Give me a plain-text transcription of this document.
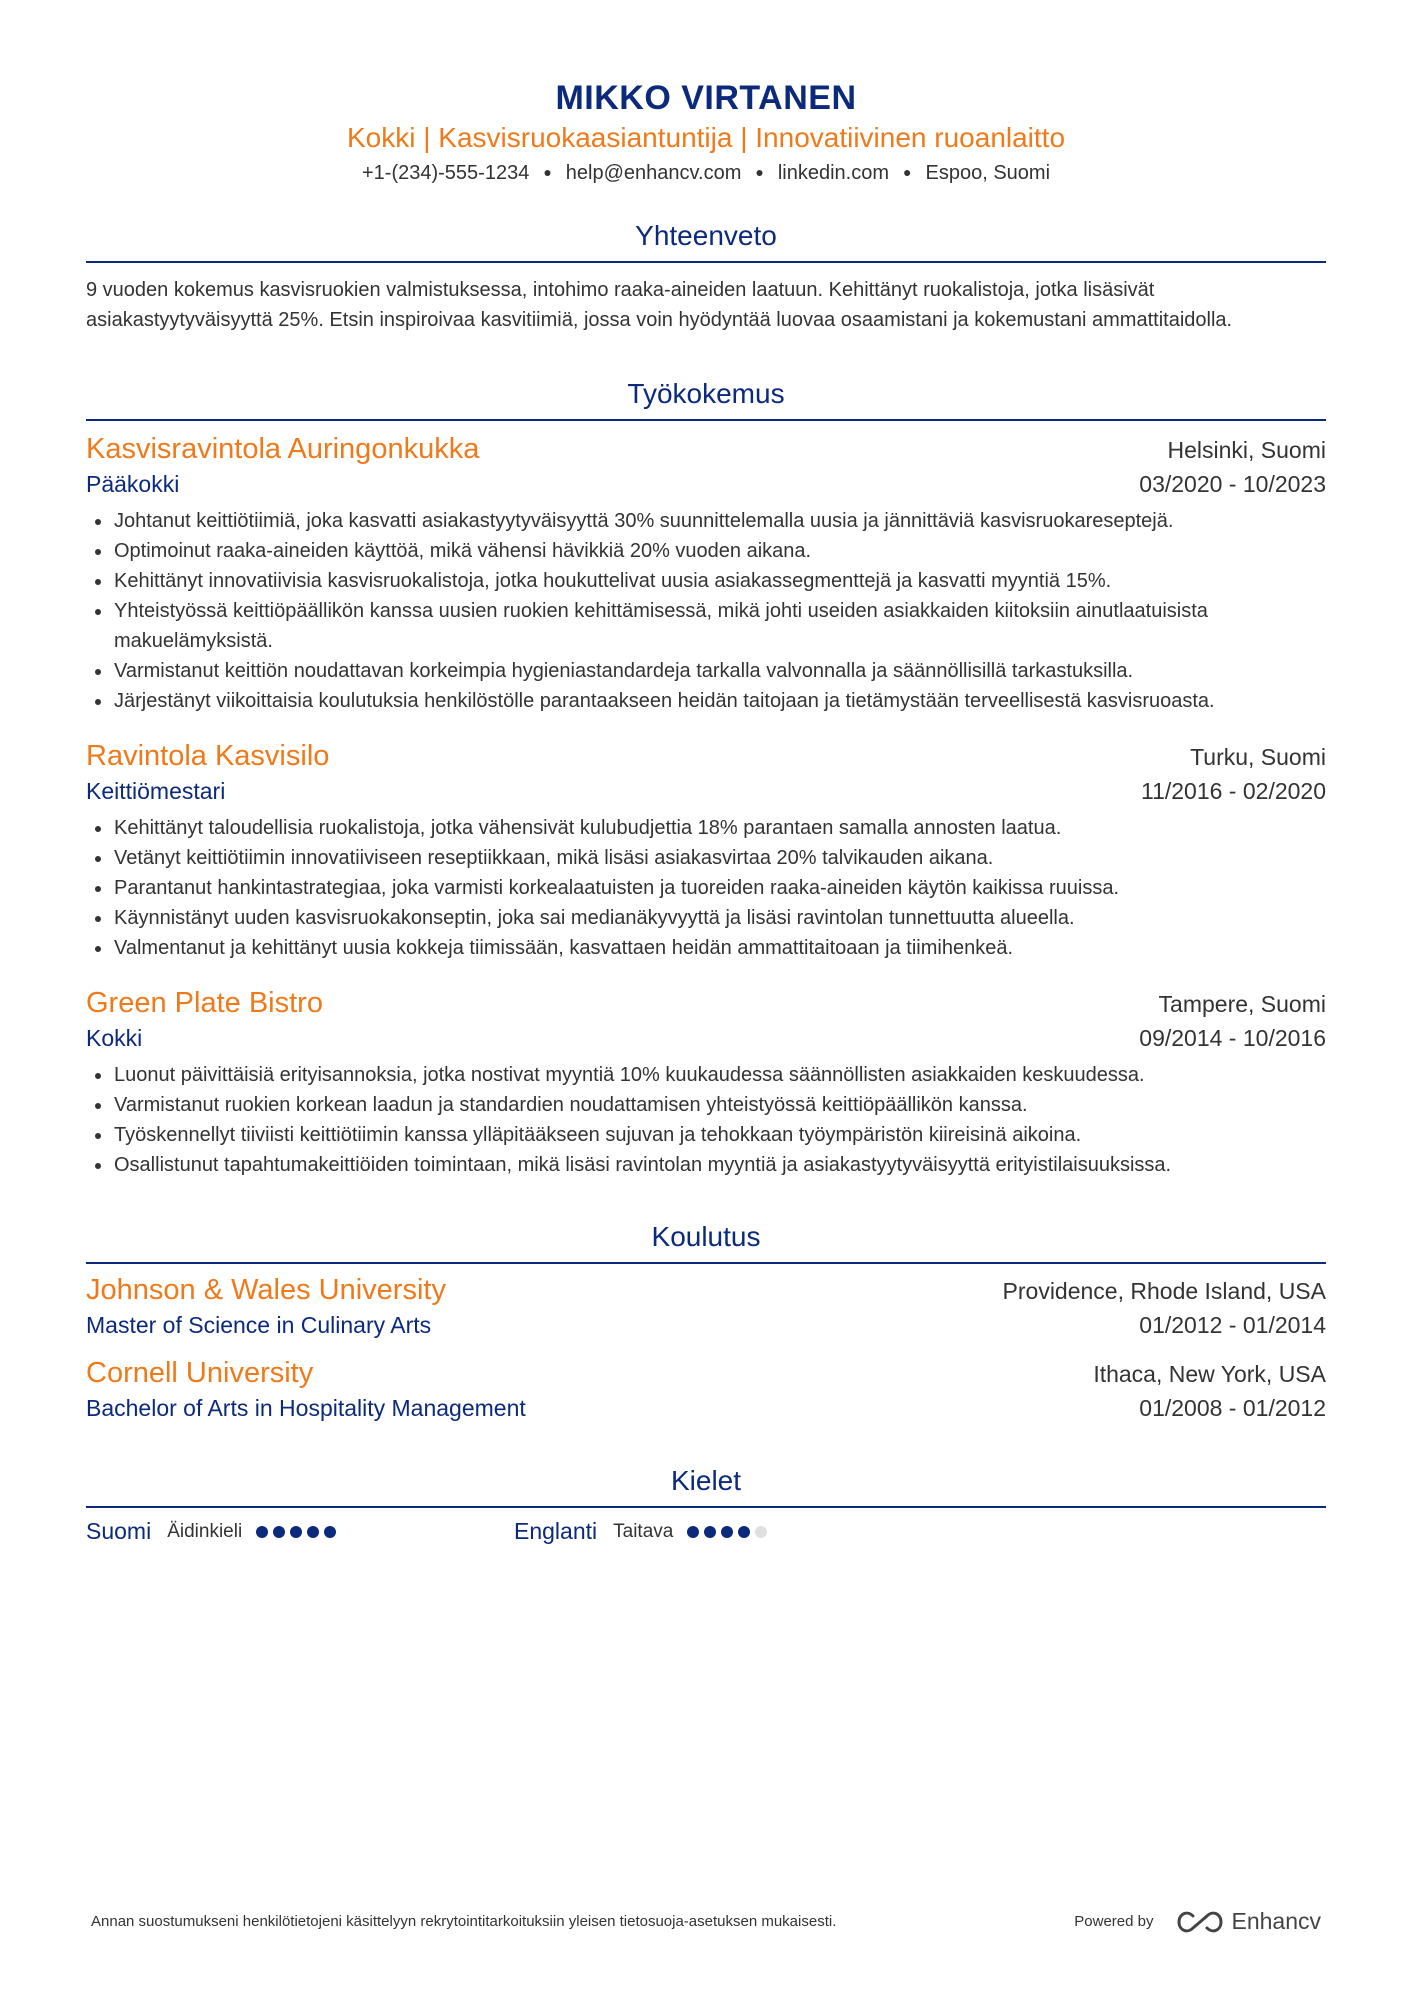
MIKKO VIRTANEN
Kokki | Kasvisruokaasiantuntija | Innovatiivinen ruoanlaitto
+1-(234)-555-1234 ● help@enhancv.com ● linkedin.com ● Espoo, Suomi
Yhteenveto
9 vuoden kokemus kasvisruokien valmistuksessa, intohimo raaka-aineiden laatuun. Kehittänyt ruokalistoja, jotka lisäsivät asiakastyytyväisyyttä 25%. Etsin inspiroivaa kasvitiimiä, jossa voin hyödyntää luovaa osaamistani ja kokemustani ammattitaidolla.
Työkokemus
Kasvisravintola Auringonkukka	Helsinki, Suomi
Pääkokki	03/2020 - 10/2023
Johtanut keittiötiimiä, joka kasvatti asiakastyytyväisyyttä 30% suunnittelemalla uusia ja jännittäviä kasvisruokareseptejä.
Optimoinut raaka-aineiden käyttöä, mikä vähensi hävikkiä 20% vuoden aikana.
Kehittänyt innovatiivisia kasvisruokalistoja, jotka houkuttelivat uusia asiakassegmenttejä ja kasvatti myyntiä 15%.
Yhteistyössä keittiöpäällikön kanssa uusien ruokien kehittämisessä, mikä johti useiden asiakkaiden kiitoksiin ainutlaatuisista makuelämyksistä.
Varmistanut keittiön noudattavan korkeimpia hygieniastandardeja tarkalla valvonnalla ja säännöllisillä tarkastuksilla.
Järjestänyt viikoittaisia koulutuksia henkilöstölle parantaakseen heidän taitojaan ja tietämystään terveellisestä kasvisruoasta.
Ravintola Kasvisilo	Turku, Suomi
Keittiömestari	11/2016 - 02/2020
Kehittänyt taloudellisia ruokalistoja, jotka vähensivät kulubudjettia 18% parantaen samalla annosten laatua.
Vetänyt keittiötiimin innovatiiviseen reseptiikkaan, mikä lisäsi asiakasvirtaa 20% talvikauden aikana.
Parantanut hankintastrategiaa, joka varmisti korkealaatuisten ja tuoreiden raaka-aineiden käytön kaikissa ruuissa.
Käynnistänyt uuden kasvisruokakonseptin, joka sai medianäkyvyyttä ja lisäsi ravintolan tunnettuutta alueella.
Valmentanut ja kehittänyt uusia kokkeja tiimissään, kasvattaen heidän ammattitaitoaan ja tiimihenkeä.
Green Plate Bistro	Tampere, Suomi
Kokki	09/2014 - 10/2016
Luonut päivittäisiä erityisannoksia, jotka nostivat myyntiä 10% kuukaudessa säännöllisten asiakkaiden keskuudessa.
Varmistanut ruokien korkean laadun ja standardien noudattamisen yhteistyössä keittiöpäällikön kanssa.
Työskennellyt tiiviisti keittiötiimin kanssa ylläpitääkseen sujuvan ja tehokkaan työympäristön kiireisinä aikoina.
Osallistunut tapahtumakeittiöiden toimintaan, mikä lisäsi ravintolan myyntiä ja asiakastyytyväisyyttä erityistilaisuuksissa.
Koulutus
Johnson & Wales University	Providence, Rhode Island, USA
Master of Science in Culinary Arts	01/2012 - 01/2014
Cornell University	Ithaca, New York, USA
Bachelor of Arts in Hospitality Management	01/2008 - 01/2012
Kielet
Suomi Äidinkieli	Englanti Taitava
Annan suostumukseni henkilötietojeni käsittelyyn rekrytointitarkoituksiin yleisen tietosuoja-asetuksen mukaisesti.	Powered by	Enhancv
